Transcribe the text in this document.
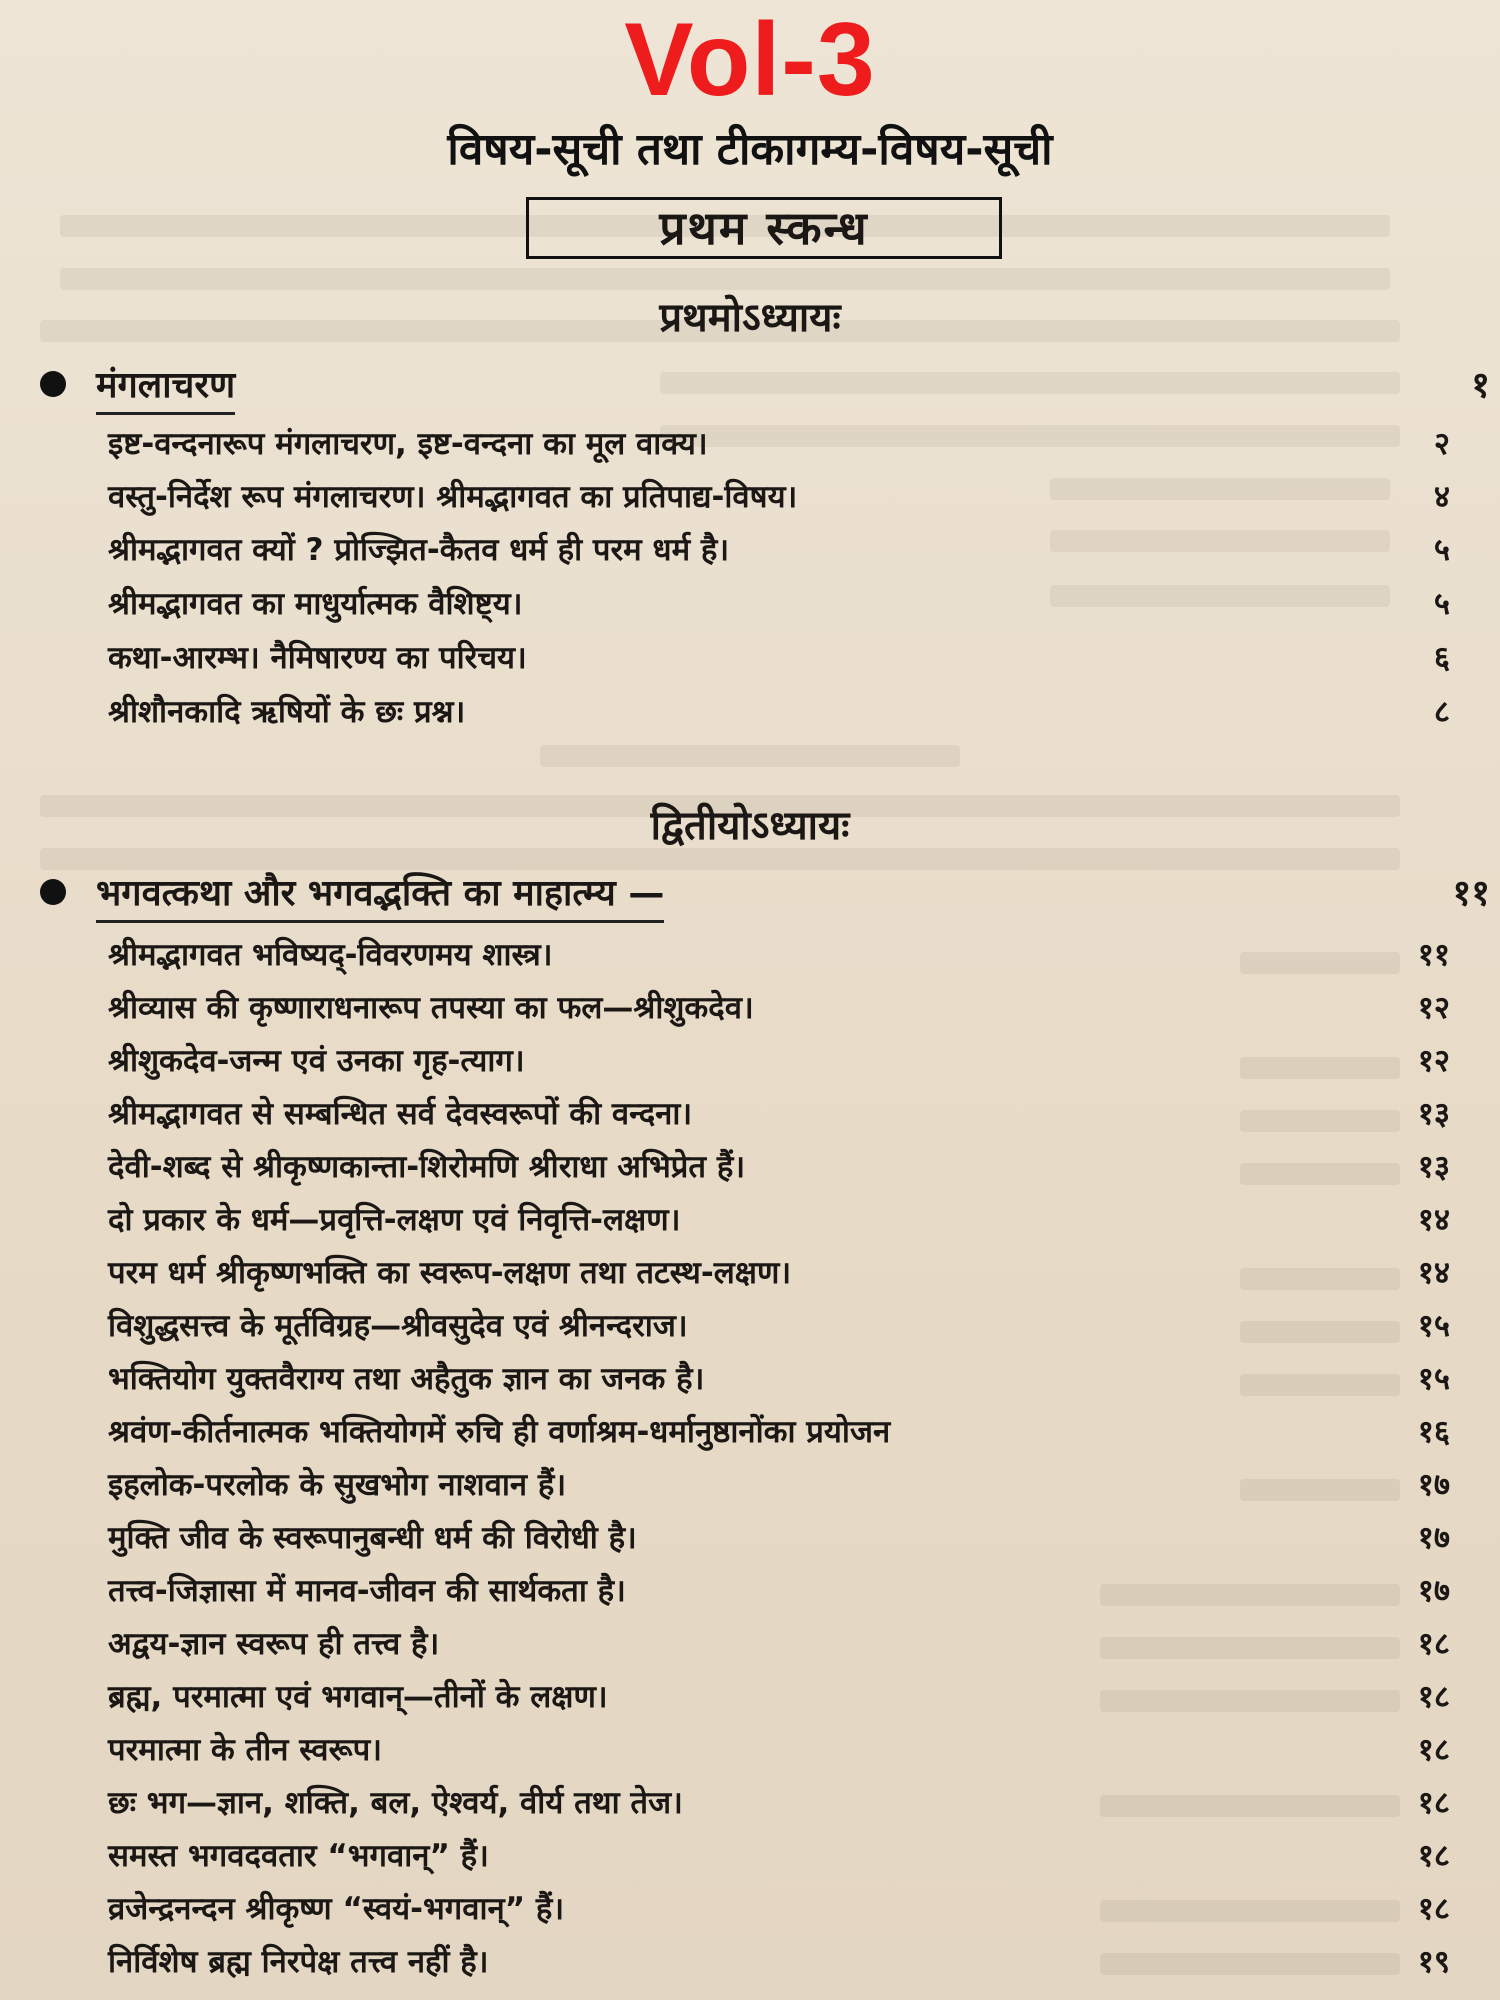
Vol-3
विषय-सूची तथा टीकागम्य-विषय-सूची
प्रथम स्कन्ध
प्रथमोऽध्यायः
मंगलाचरण	१
इष्ट-वन्दनारूप मंगलाचरण, इष्ट-वन्दना का मूल वाक्य।	२
वस्तु-निर्देश रूप मंगलाचरण। श्रीमद्भागवत का प्रतिपाद्य-विषय।	४
श्रीमद्भागवत क्यों ? प्रोज्झित-कैतव धर्म ही परम धर्म है।	५
श्रीमद्भागवत का माधुर्यात्मक वैशिष्ट्य।	५
कथा-आरम्भ। नैमिषारण्य का परिचय।	६
श्रीशौनकादि ऋषियों के छः प्रश्न।	८
द्वितीयोऽध्यायः
भगवत्कथा और भगवद्भक्ति का माहात्म्य —	११
श्रीमद्भागवत भविष्यद्-विवरणमय शास्त्र।	११
श्रीव्यास की कृष्णाराधनारूप तपस्या का फल—श्रीशुकदेव।	१२
श्रीशुकदेव-जन्म एवं उनका गृह-त्याग।	१२
श्रीमद्भागवत से सम्बन्धित सर्व देवस्वरूपों की वन्दना।	१३
देवी-शब्द से श्रीकृष्णकान्ता-शिरोमणि श्रीराधा अभिप्रेत हैं।	१३
दो प्रकार के धर्म—प्रवृत्ति-लक्षण एवं निवृत्ति-लक्षण।	१४
परम धर्म श्रीकृष्णभक्ति का स्वरूप-लक्षण तथा तटस्थ-लक्षण।	१४
विशुद्धसत्त्व के मूर्तविग्रह—श्रीवसुदेव एवं श्रीनन्दराज।	१५
भक्तियोग युक्तवैराग्य तथा अहैतुक ज्ञान का जनक है।	१५
श्रवंण-कीर्तनात्मक भक्तियोगमें रुचि ही वर्णाश्रम-धर्मानुष्ठानोंका प्रयोजन	१६
इहलोक-परलोक के सुखभोग नाशवान हैं।	१७
मुक्ति जीव के स्वरूपानुबन्धी धर्म की विरोधी है।	१७
तत्त्व-जिज्ञासा में मानव-जीवन की सार्थकता है।	१७
अद्वय-ज्ञान स्वरूप ही तत्त्व है।	१८
ब्रह्म, परमात्मा एवं भगवान्—तीनों के लक्षण।	१८
परमात्मा के तीन स्वरूप।	१८
छः भग—ज्ञान, शक्ति, बल, ऐश्वर्य, वीर्य तथा तेज।	१८
समस्त भगवदवतार “भगवान्” हैं।	१८
व्रजेन्द्रनन्दन श्रीकृष्ण “स्वयं-भगवान्” हैं।	१८
निर्विशेष ब्रह्म निरपेक्ष तत्त्व नहीं है।	१९
